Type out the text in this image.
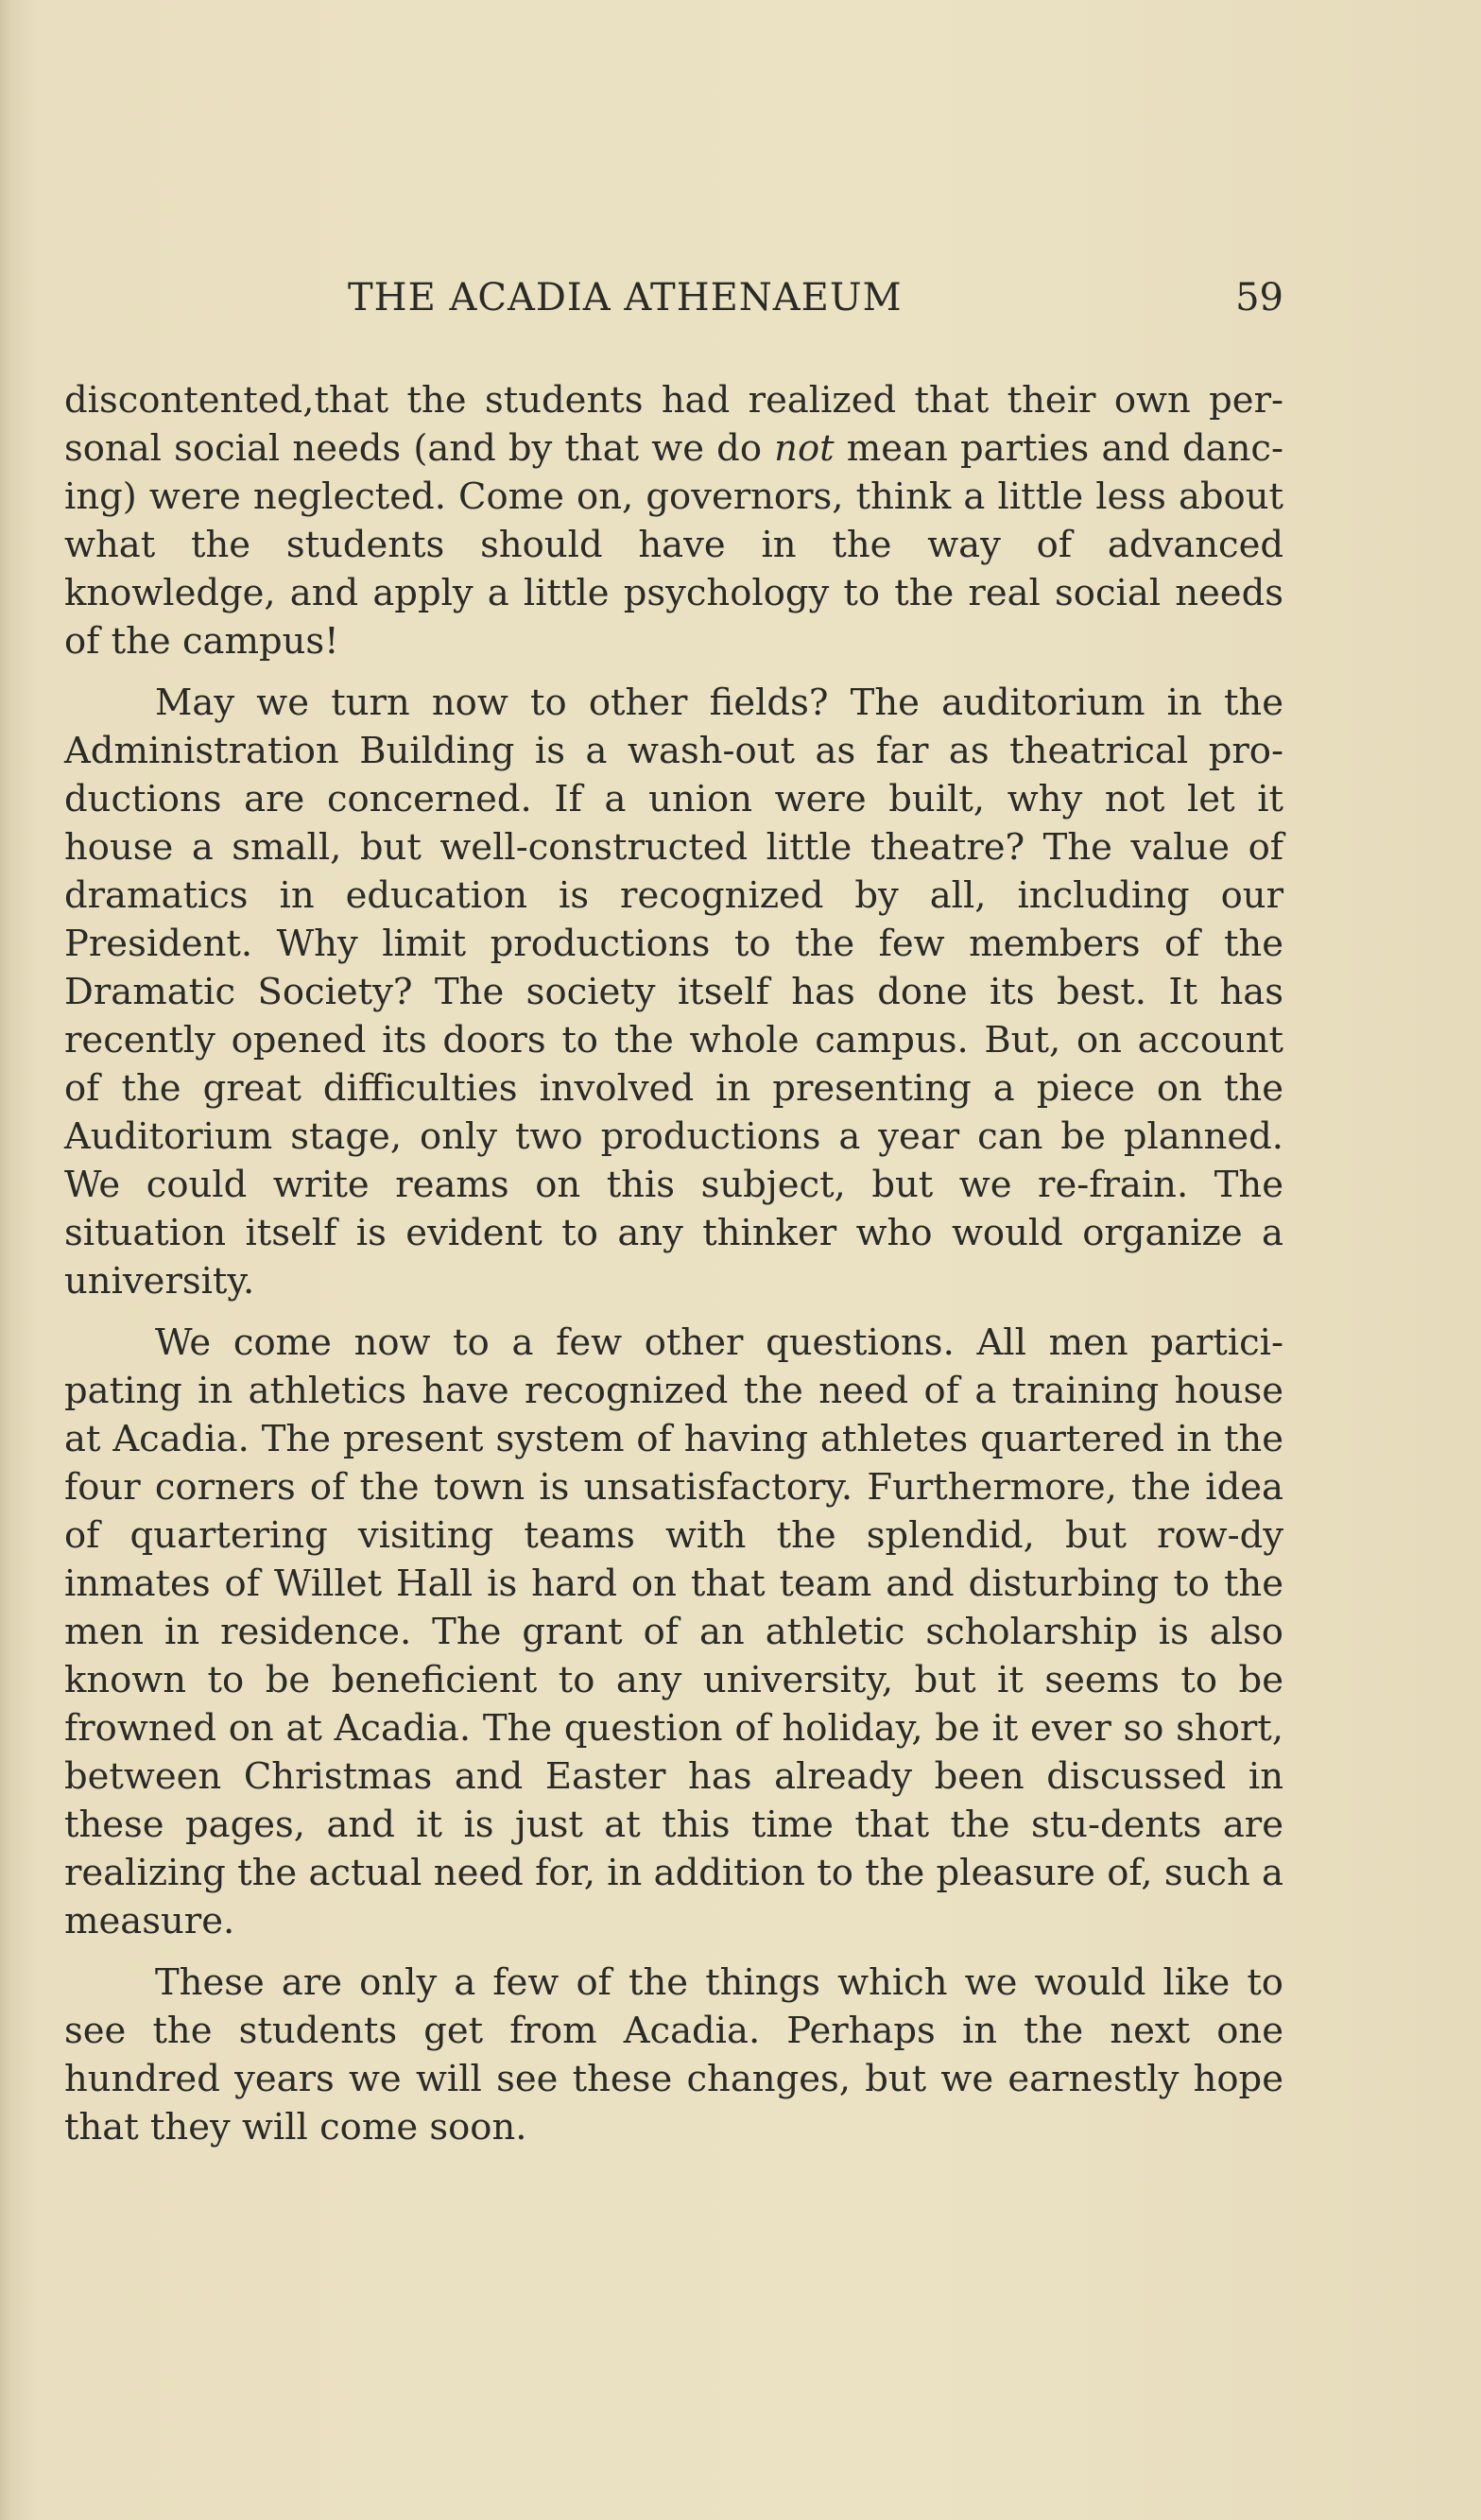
THE ACADIA ATHENAEUM	59

discontented,that the students had realized that their own per-sonal social needs (and by that we do not mean parties and danc-ing) were neglected. Come on, governors, think a little less about what the students should have in the way of advanced knowledge, and apply a little psychology to the real social needs of the campus!

May we turn now to other fields? The auditorium in the Administration Building is a wash-out as far as theatrical pro-ductions are concerned. If a union were built, why not let it house a small, but well-constructed little theatre? The value of dramatics in education is recognized by all, including our President. Why limit productions to the few members of the Dramatic Society? The society itself has done its best. It has recently opened its doors to the whole campus. But, on account of the great difficulties involved in presenting a piece on the Auditorium stage, only two productions a year can be planned. We could write reams on this subject, but we re-frain. The situation itself is evident to any thinker who would organize a university.

We come now to a few other questions. All men partici-pating in athletics have recognized the need of a training house at Acadia. The present system of having athletes quartered in the four corners of the town is unsatisfactory. Furthermore, the idea of quartering visiting teams with the splendid, but row-dy inmates of Willet Hall is hard on that team and disturbing to the men in residence. The grant of an athletic scholarship is also known to be beneficient to any university, but it seems to be frowned on at Acadia. The question of holiday, be it ever so short, between Christmas and Easter has already been discussed in these pages, and it is just at this time that the stu-dents are realizing the actual need for, in addition to the pleasure of, such a measure.

These are only a few of the things which we would like to see the students get from Acadia. Perhaps in the next one hundred years we will see these changes, but we earnestly hope that they will come soon.
